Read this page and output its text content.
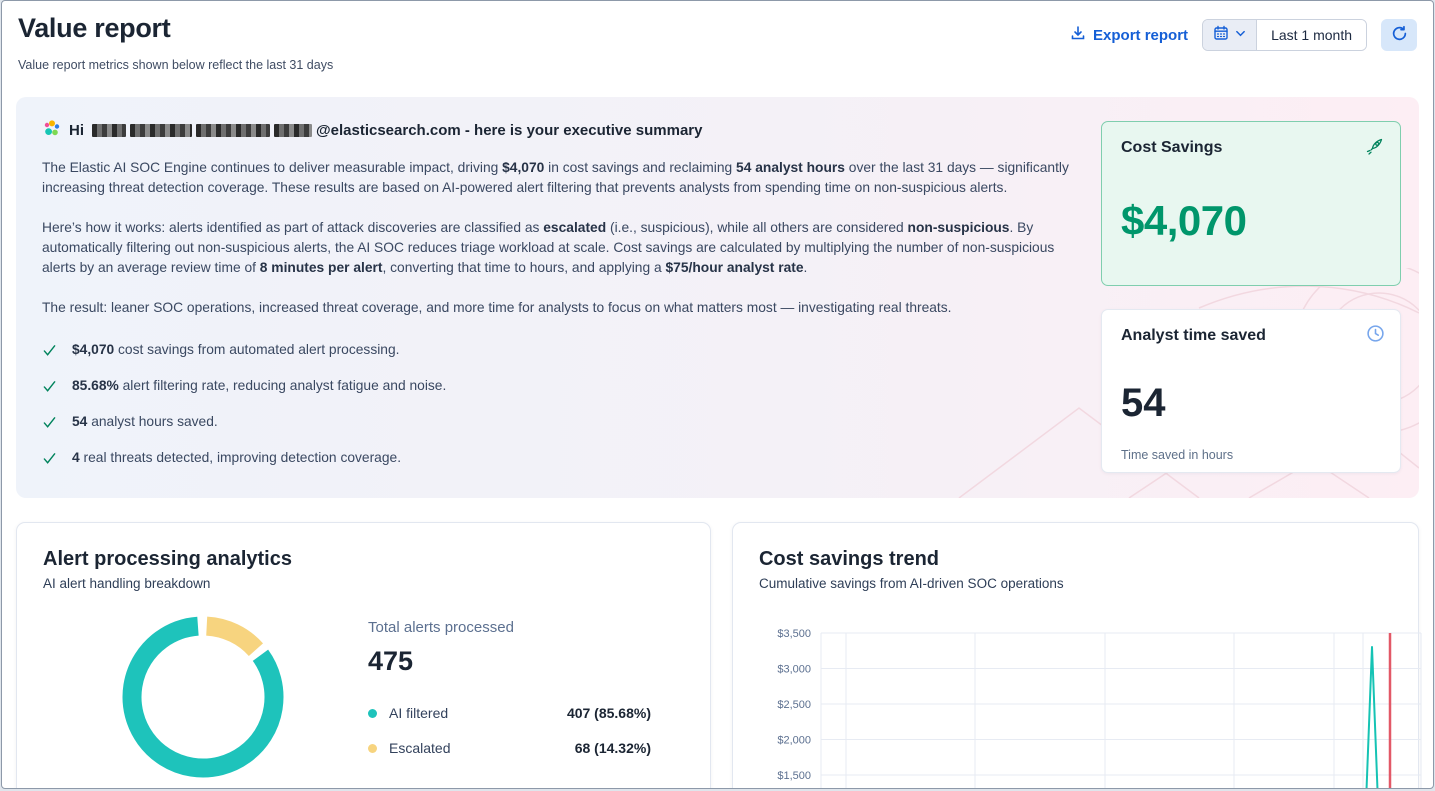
Value report
Value report metrics shown below reflect the last 31 days
Export report	Last 1 month
Hi	@elasticsearch.com - here is your executive summary

The Elastic AI SOC Engine continues to deliver measurable impact, driving $4,070 in cost savings and reclaiming 54 analyst hours over the last 31 days — significantly increasing threat detection coverage. These results are based on AI-powered alert filtering that prevents analysts from spending time on non-suspicious alerts.

Here’s how it works: alerts identified as part of attack discoveries are classified as escalated (i.e., suspicious), while all others are considered non-suspicious. By automatically filtering out non-suspicious alerts, the AI SOC reduces triage workload at scale. Cost savings are calculated by multiplying the number of non-suspicious alerts by an average review time of 8 minutes per alert, converting that time to hours, and applying a $75/hour analyst rate.

The result: leaner SOC operations, increased threat coverage, and more time for analysts to focus on what matters most — investigating real threats.

$4,070 cost savings from automated alert processing.
85.68% alert filtering rate, reducing analyst fatigue and noise.
54 analyst hours saved.
4 real threats detected, improving detection coverage.
Cost Savings
$4,070
Analyst time saved
54
Time saved in hours
Alert processing analytics
AI alert handling breakdown
Total alerts processed
475
AI filtered	407 (85.68%)
Escalated	68 (14.32%)
Cost savings trend
Cumulative savings from AI-driven SOC operations
$3,500
$3,000
$2,500
$2,000
$1,500
